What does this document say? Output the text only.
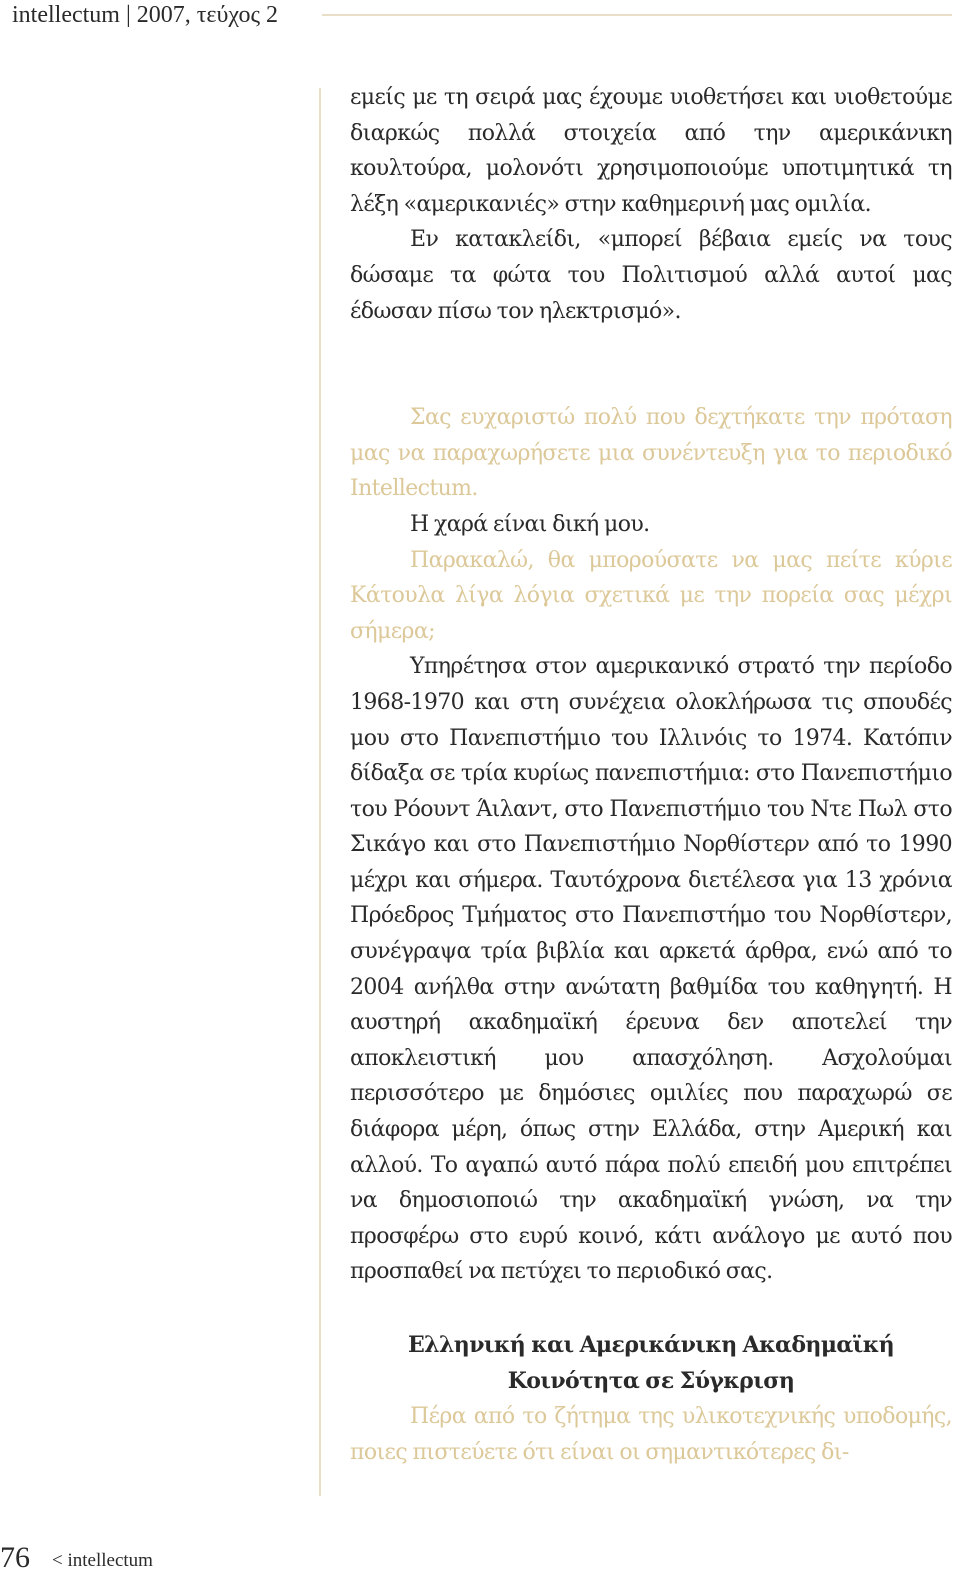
intellectum | 2007, τεύχος 2

εμείς με τη σειρά μας έχουμε υιοθετήσει και υιοθετούμε διαρκώς πολλά στοιχεία από την αμερικάνικη κουλτούρα, μολονότι χρησιμοποιούμε υποτιμητικά τη λέξη «αμερικανιές» στην καθημερινή μας ομιλία.

Εν κατακλείδι, «μπορεί βέβαια εμείς να τους δώσαμε τα φώτα του Πολιτισμού αλλά αυτοί μας έδωσαν πίσω τον ηλεκτρισμό».

Σας ευχαριστώ πολύ που δεχτήκατε την πρόταση μας να παραχωρήσετε μια συνέντευξη για το περιοδικό Intellectum.

Η χαρά είναι δική μου.

Παρακαλώ, θα μπορούσατε να μας πείτε κύριε Κάτουλα λίγα λόγια σχετικά με την πορεία σας μέχρι σήμερα;

Υπηρέτησα στον αμερικανικό στρατό την περίοδο 1968-1970 και στη συνέχεια ολοκλήρωσα τις σπουδές μου στο Πανεπιστήμιο του Ιλλινόις το 1974. Κατόπιν δίδαξα σε τρία κυρίως πανεπιστήμια: στο Πανεπιστήμιο του Ρόουντ Άιλαντ, στο Πανεπιστήμιο του Ντε Πωλ στο Σικάγο και στο Πανεπιστήμιο Νορθίστερν από το 1990 μέχρι και σήμερα. Ταυτόχρονα διετέλεσα για 13 χρόνια Πρόεδρος Τμήματος στο Πανεπιστήμο του Νορθίστερν, συνέγραψα τρία βιβλία και αρκετά άρθρα, ενώ από το 2004 ανήλθα στην ανώτατη βαθμίδα του καθηγητή. Η αυστηρή ακαδημαϊκή έρευνα δεν αποτελεί την αποκλειστική μου απασχόληση. Ασχολούμαι περισσότερο με δημόσιες ομιλίες που παραχωρώ σε διάφορα μέρη, όπως στην Ελλάδα, στην Αμερική και αλλού. Το αγαπώ αυτό πάρα πολύ επειδή μου επιτρέπει να δημοσιοποιώ την ακαδημαϊκή γνώση, να την προσφέρω στο ευρύ κοινό, κάτι ανάλογο με αυτό που προσπαθεί να πετύχει το περιοδικό σας.

Ελληνική και Αμερικάνικη Ακαδημαϊκή
Κοινότητα σε Σύγκριση

Πέρα από το ζήτημα της υλικοτεχνικής υποδομής, ποιες πιστεύετε ότι είναι οι σημαντικότερες δι-

76 < intellectum
